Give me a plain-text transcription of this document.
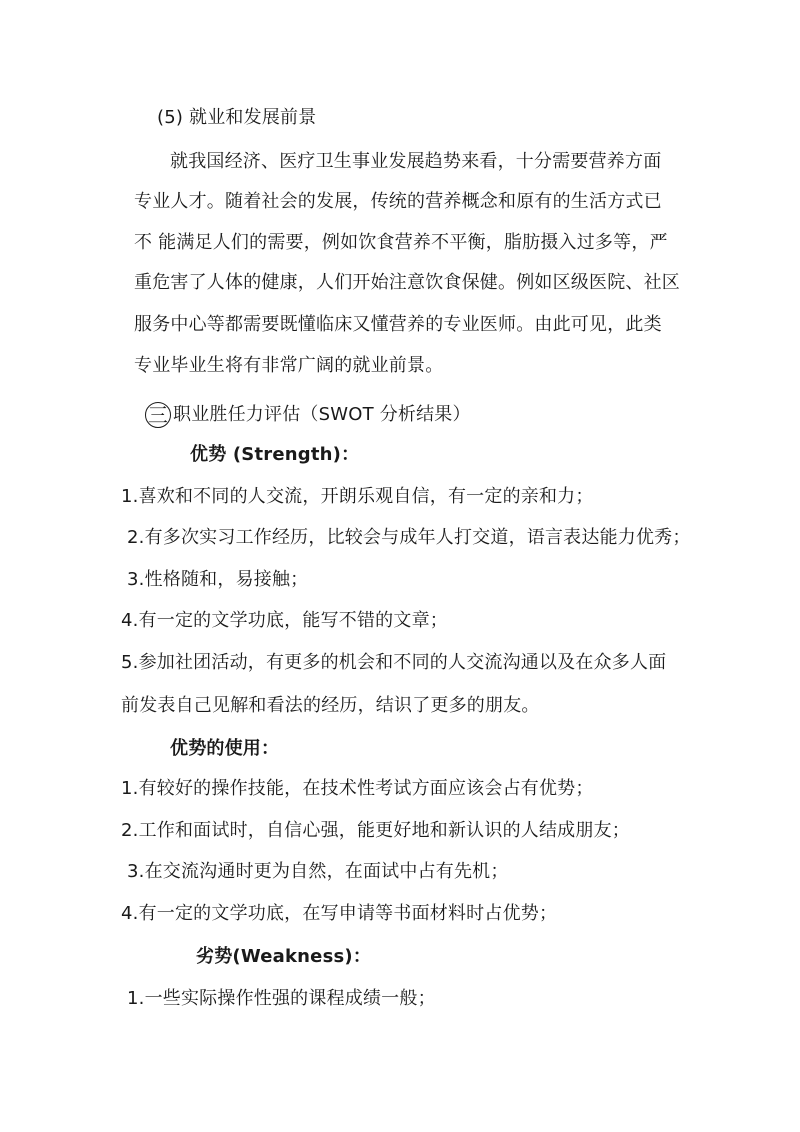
(5) 就业和发展前景
就我国经济、医疗卫生事业发展趋势来看，十分需要营养方面
专业人才。随着社会的发展，传统的营养概念和原有的生活方式已
不 能满足人们的需要，例如饮食营养不平衡，脂肪摄入过多等，严
重危害了人体的健康，人们开始注意饮食保健。例如区级医院、社区
服务中心等都需要既懂临床又懂营养的专业医师。由此可见，此类
专业毕业生将有非常广阔的就业前景。
三 职业胜任力评估（SWOT 分析结果）
优势 (Strength)：
1.喜欢和不同的人交流，开朗乐观自信，有一定的亲和力；
2.有多次实习工作经历，比较会与成年人打交道，语言表达能力优秀；
3.性格随和，易接触；
4.有一定的文学功底，能写不错的文章；
5.参加社团活动，有更多的机会和不同的人交流沟通以及在众多人面
前发表自己见解和看法的经历，结识了更多的朋友。
优势的使用：
1.有较好的操作技能，在技术性考试方面应该会占有优势；
2.工作和面试时，自信心强，能更好地和新认识的人结成朋友；
3.在交流沟通时更为自然，在面试中占有先机；
4.有一定的文学功底，在写申请等书面材料时占优势；
劣势(Weakness)：
1.一些实际操作性强的课程成绩一般；
